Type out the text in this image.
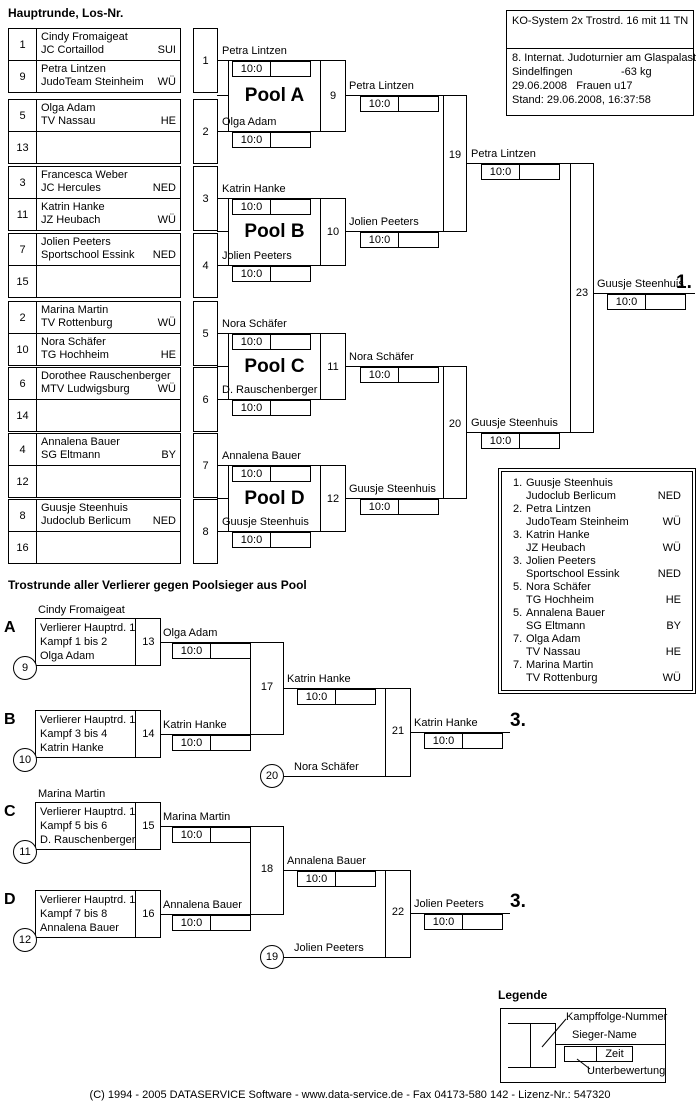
Hauptrunde, Los-Nr.
KO-System 2x Trostrd. 16 mit 11 TN
8. Internat. Judoturnier am Glaspalast
Sindelfingen	-63 kg
29.06.2008   Frauen u17
Stand: 29.06.2008, 16:37:58
1
Cindy Fromaigeat
JC Cortaillod	SUI
9
Petra Lintzen
JudoTeam Steinheim WÜ
1
5
Olga Adam
TV Nassau	HE
13
2
3
Francesca Weber
JC Hercules	NED
11
Katrin Hanke
JZ Heubach	WÜ
3
7
Jolien Peeters
Sportschool Essink NED
15
4
2
Marina Martin
TV Rottenburg	WÜ
10
Nora Schäfer
TG Hochheim	HE
5
6
Dorothee Rauschenberger
MTV Ludwigsburg	WÜ
14
6
4
Annalena Bauer
SG Eltmann	BY
12
7
8
Guusje Steenhuis
Judoclub Berlicum NED
16
8
Petra Lintzen
10:0
Olga Adam
10:0
Pool A	9
Petra Lintzen
10:0
Katrin Hanke
10:0
Jolien Peeters
10:0
Pool B	10
Jolien Peeters
10:0
Nora Schäfer
10:0
D. Rauschenberger
10:0
Pool C	11
Nora Schäfer
10:0
Annalena Bauer
10:0
Guusje Steenhuis
10:0
Pool D	12
Guusje Steenhuis
10:0
19 Petra Lintzen
10:0
20 Guusje Steenhuis
10:0
23
Guusje Steenhuis
1.
10:0
1. Guusje Steenhuis
Judoclub Berlicum	NED
2. Petra Lintzen
JudoTeam Steinheim	WÜ
3. Katrin Hanke
JZ Heubach	WÜ
3. Jolien Peeters
Sportschool Essink	NED
5. Nora Schäfer
TG Hochheim	HE
5. Annalena Bauer
SG Eltmann	BY
7. Olga Adam
TV Nassau	HE
7. Marina Martin
TV Rottenburg	WÜ
Trostrunde aller Verlierer gegen Poolsieger aus Pool
A
Cindy Fromaigeat
Verlierer Hauptrd. 1
Kampf 1 bis 2
Olga Adam
13
9
Olga Adam
10:0
B Verlierer Hauptrd. 1
Kampf 3 bis 4
Katrin Hanke
14
10
Katrin Hanke
10:0
17
Katrin Hanke
10:0
21
Katrin Hanke 3.
10:0
20
Nora Schäfer
C
Marina Martin
Verlierer Hauptrd. 1
Kampf 5 bis 6
D. Rauschenberger
15
11
Marina Martin
10:0
D Verlierer Hauptrd. 1
Kampf 7 bis 8
Annalena Bauer
16
12
Annalena Bauer
10:0
18
Annalena Bauer
10:0
22
Jolien Peeters 3.
10:0
19
Jolien Peeters
Legende
Kampffolge-Nummer
Sieger-Name
Zeit
Unterbewertung
(C) 1994 - 2005 DATASERVICE Software - www.data-service.de - Fax 04173-580 142 - Lizenz-Nr.: 547320
